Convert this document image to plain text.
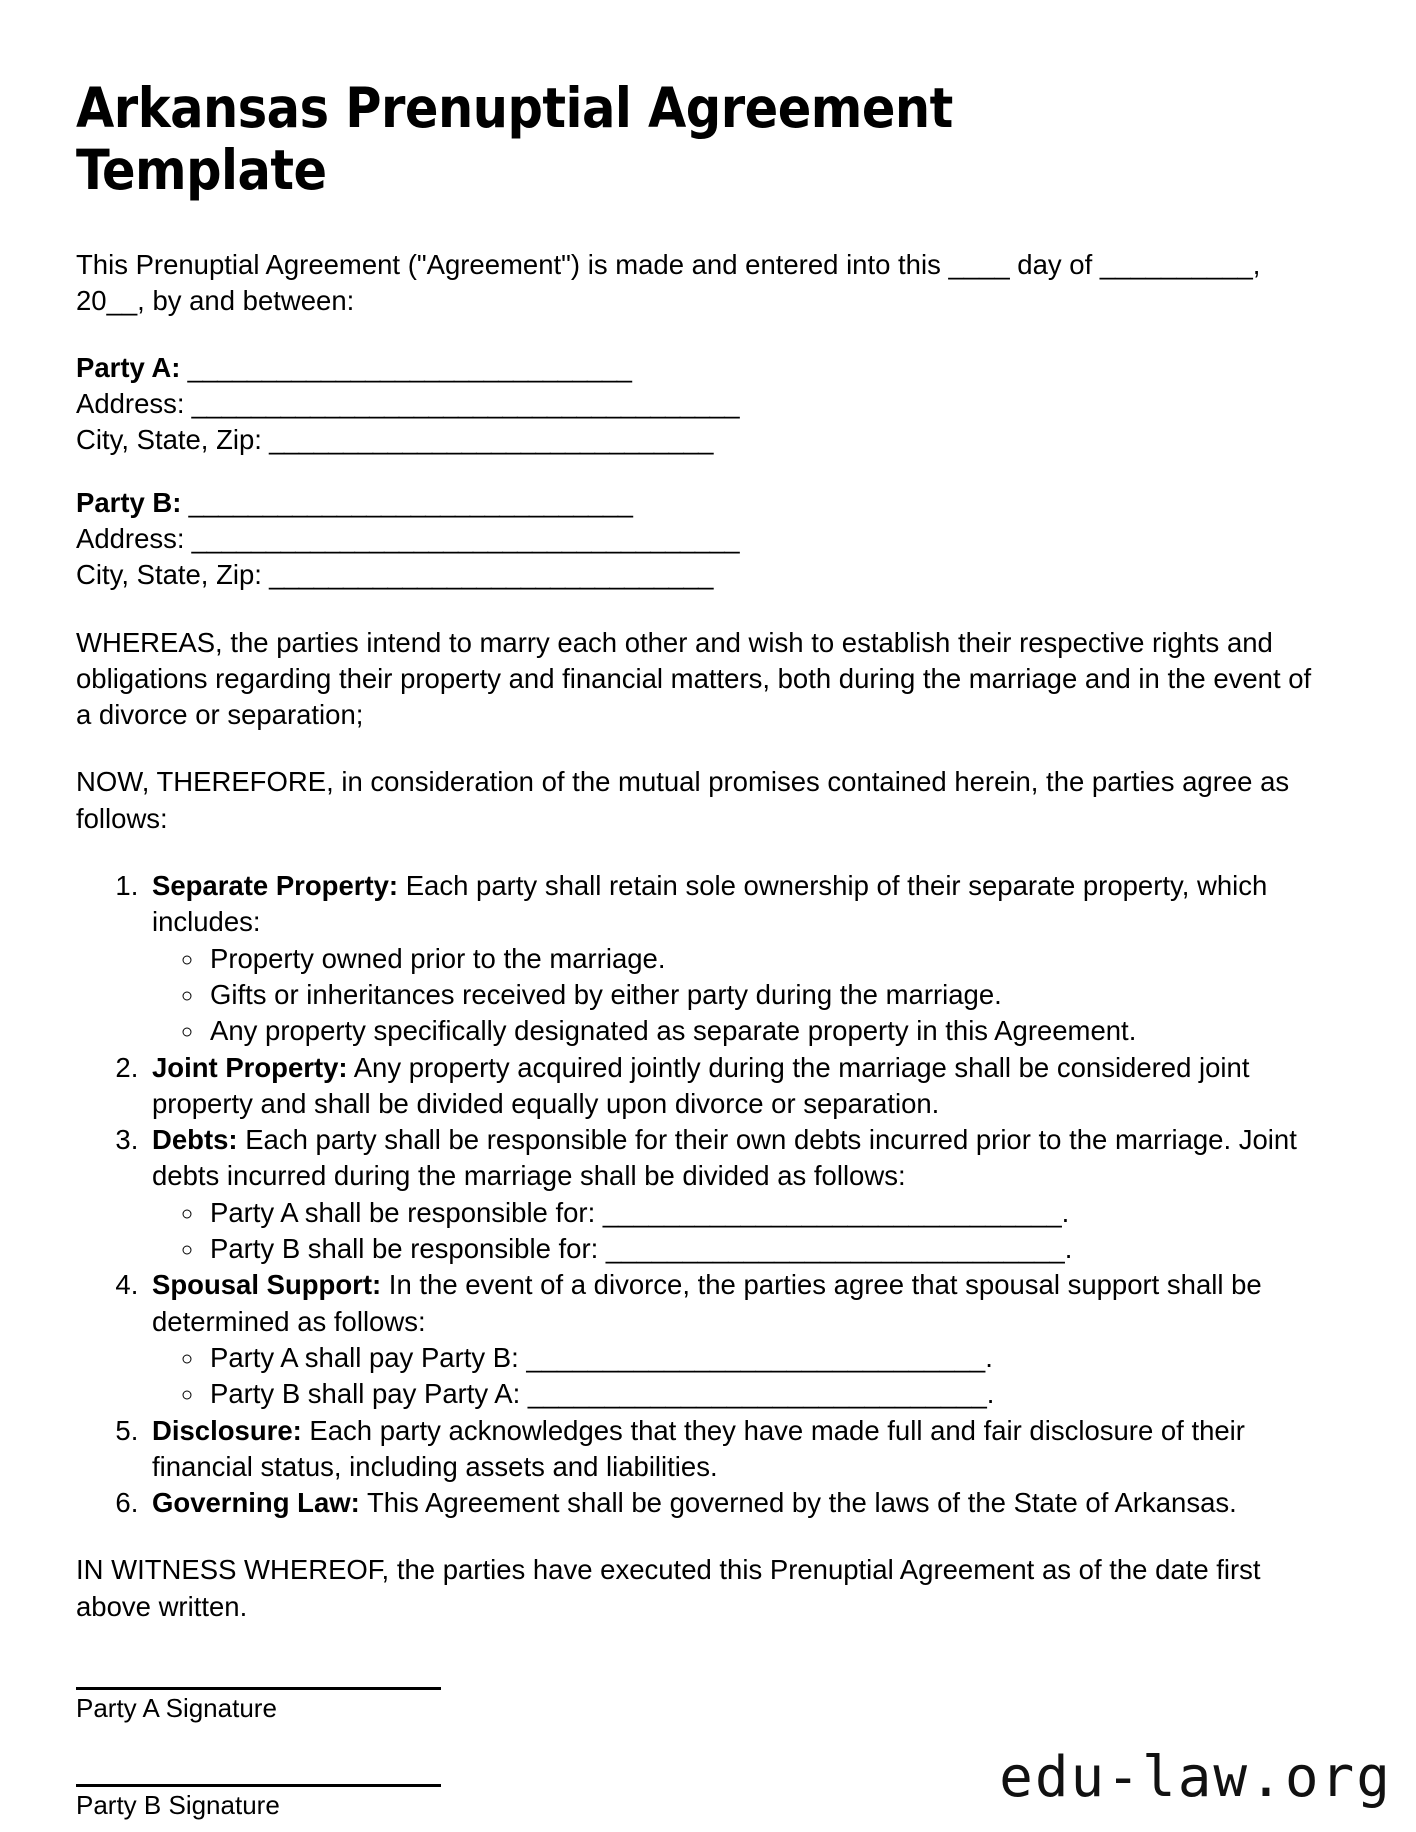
Arkansas Prenuptial Agreement Template

This Prenuptial Agreement ("Agreement") is made and entered into this ____ day of __________, 20__, by and between:

Party A: ______________________________
Address: _____________________________________
City, State, Zip: ______________________________
Party B: ______________________________
Address: _____________________________________
City, State, Zip: ______________________________

WHEREAS, the parties intend to marry each other and wish to establish their respective rights and obligations regarding their property and financial matters, both during the marriage and in the event of a divorce or separation;

NOW, THEREFORE, in consideration of the mutual promises contained herein, the parties agree as follows:

1. Separate Property: Each party shall retain sole ownership of their separate property, which includes:
◦ Property owned prior to the marriage.
◦ Gifts or inheritances received by either party during the marriage.
◦ Any property specifically designated as separate property in this Agreement.
2. Joint Property: Any property acquired jointly during the marriage shall be considered joint property and shall be divided equally upon divorce or separation.
3. Debts: Each party shall be responsible for their own debts incurred prior to the marriage. Joint debts incurred during the marriage shall be divided as follows:
◦ Party A shall be responsible for: ______________________________.
◦ Party B shall be responsible for: ______________________________.
4. Spousal Support: In the event of a divorce, the parties agree that spousal support shall be determined as follows:
◦ Party A shall pay Party B: ______________________________.
◦ Party B shall pay Party A: ______________________________.
5. Disclosure: Each party acknowledges that they have made full and fair disclosure of their financial status, including assets and liabilities.
6. Governing Law: This Agreement shall be governed by the laws of the State of Arkansas.

IN WITNESS WHEREOF, the parties have executed this Prenuptial Agreement as of the date first above written.

Party A Signature
Party B Signature	edu-law.org
